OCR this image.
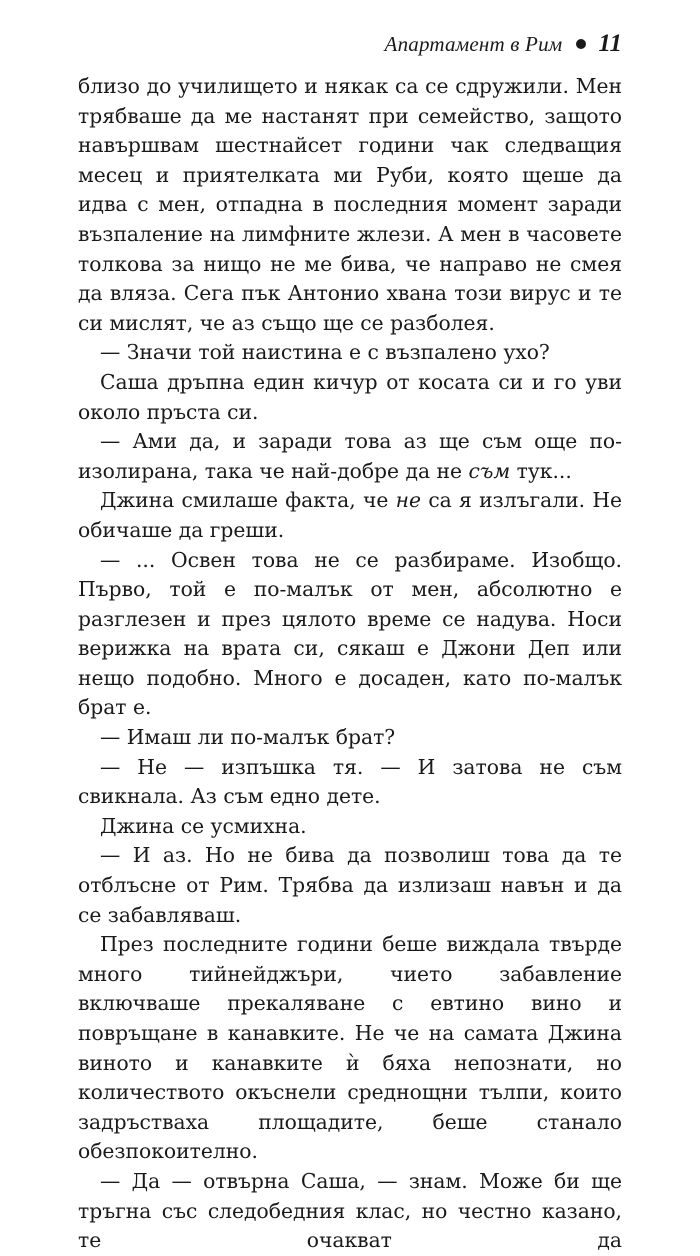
Апартамент в Рим 11

близо до училището и някак са се сдружили. Мен трябваше да ме настанят при семейство, защото навършвам шестнайсет години чак следващия месец и приятелката ми Руби, която щеше да идва с мен, отпадна в последния момент заради възпаление на лимфните жлези. А мен в часовете толкова за нищо не ме бива, че направо не смея да вляза. Сега пък Антонио хвана този вирус и те си мислят, че аз също ще се разболея.

— Значи той наистина е с възпалено ухо?

Саша дръпна един кичур от косата си и го уви около пръста си.

— Ами да, и заради това аз ще съм още по-изолирана, така че най-добре да не съм тук...

Джина смилаше факта, че не са я излъгали. Не обичаше да греши.

— ... Освен това не се разбираме. Изобщо. Първо, той е по-малък от мен, абсолютно е разглезен и през цялото време се надува. Носи верижка на врата си, сякаш е Джони Деп или нещо подобно. Много е досаден, като по-малък брат е.

— Имаш ли по-малък брат?

— Не — изпъшка тя. — И затова не съм свикнала. Аз съм едно дете.

Джина се усмихна.

— И аз. Но не бива да позволиш това да те отблъсне от Рим. Трябва да излизаш навън и да се забавляваш.

През последните години беше виждала твърде много тийнейджъри, чието забавление включваше прекаляване с евтино вино и повръщане в канавките. Не че на самата Джина виното и канавките ѝ бяха непознати, но количеството окъснели среднощни тълпи, които задръстваха площадите, беше станало обезпокоително.

— Да — отвърна Саша, — знам. Може би ще тръгна със следобедния клас, но честно казано, те очакват да
